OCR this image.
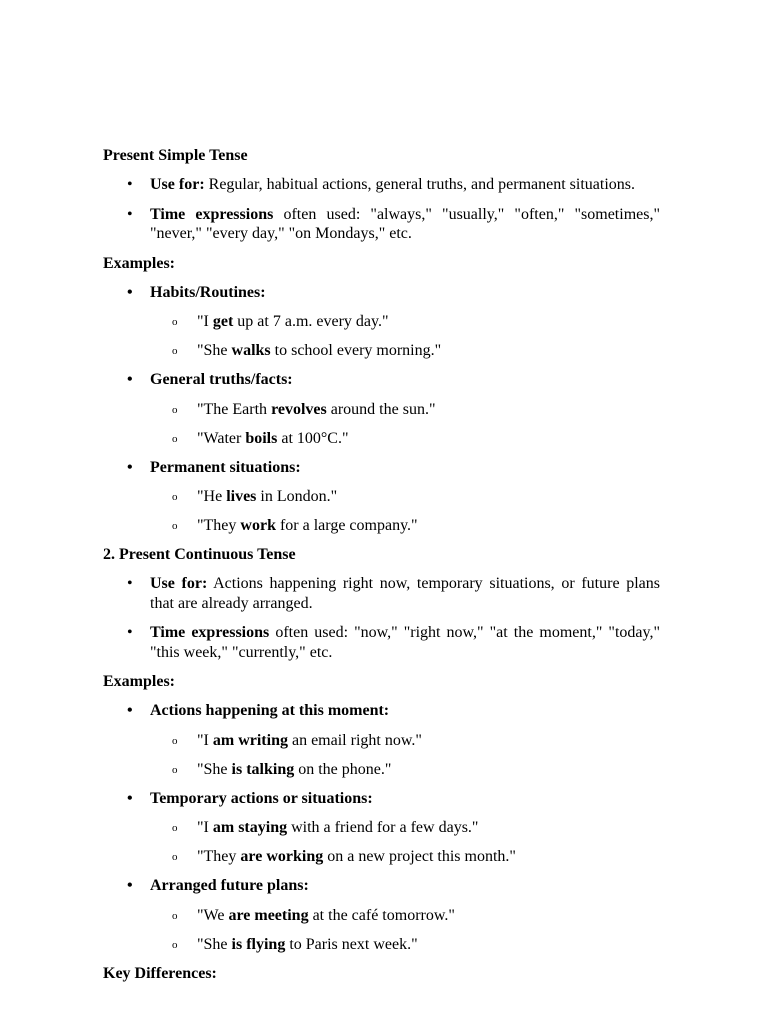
Present Simple Tense
• Use for: Regular, habitual actions, general truths, and permanent situations.
• Time expressions often used: "always," "usually," "often," "sometimes," "never," "every day," "on Mondays," etc.
Examples:
• Habits/Routines:
o "I get up at 7 a.m. every day."
o "She walks to school every morning."
• General truths/facts:
o "The Earth revolves around the sun."
o "Water boils at 100°C."
• Permanent situations:
o "He lives in London."
o "They work for a large company."
2. Present Continuous Tense
• Use for: Actions happening right now, temporary situations, or future plans that are already arranged.
• Time expressions often used: "now," "right now," "at the moment," "today," "this week," "currently," etc.
Examples:
• Actions happening at this moment:
o "I am writing an email right now."
o "She is talking on the phone."
• Temporary actions or situations:
o "I am staying with a friend for a few days."
o "They are working on a new project this month."
• Arranged future plans:
o "We are meeting at the café tomorrow."
o "She is flying to Paris next week."
Key Differences:
